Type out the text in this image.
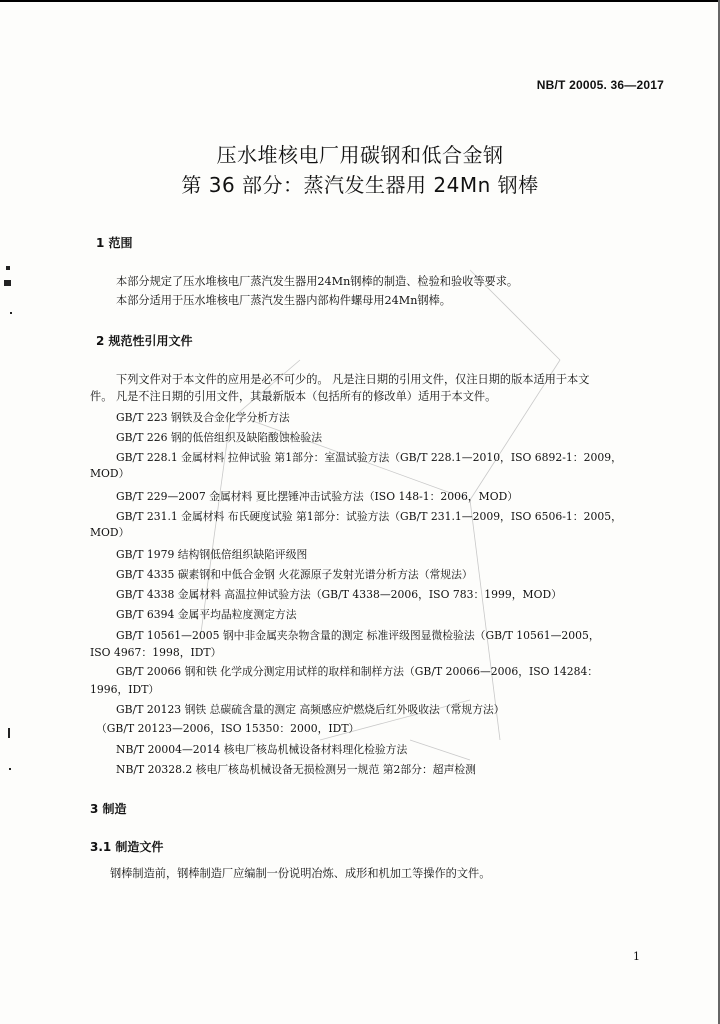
NB/T 20005. 36—2017
压水堆核电厂用碳钢和低合金钢
第 36 部分：蒸汽发生器用 24Mn 钢棒
1 范围
本部分规定了压水堆核电厂蒸汽发生器用24Mn钢棒的制造、检验和验收等要求。
本部分适用于压水堆核电厂蒸汽发生器内部构件螺母用24Mn钢棒。
2 规范性引用文件
下列文件对于本文件的应用是必不可少的。 凡是注日期的引用文件，仅注日期的版本适用于本文
件。 凡是不注日期的引用文件，其最新版本（包括所有的修改单）适用于本文件。
GB/T 223 钢铁及合金化学分析方法
GB/T 226 钢的低倍组织及缺陷酸蚀检验法
GB/T 228.1 金属材料 拉伸试验 第1部分：室温试验方法（GB/T 228.1—2010，ISO 6892-1：2009，
MOD）
GB/T 229—2007 金属材料 夏比摆锤冲击试验方法（ISO 148-1：2006，MOD）
GB/T 231.1 金属材料 布氏硬度试验 第1部分：试验方法（GB/T 231.1—2009，ISO 6506-1：2005，
MOD）
GB/T 1979 结构钢低倍组织缺陷评级图
GB/T 4335 碳素钢和中低合金钢 火花源原子发射光谱分析方法（常规法）
GB/T 4338 金属材料 高温拉伸试验方法（GB/T 4338—2006，ISO 783：1999，MOD）
GB/T 6394 金属平均晶粒度测定方法
GB/T 10561—2005 钢中非金属夹杂物含量的测定 标准评级图显微检验法（GB/T 10561—2005，
ISO 4967：1998，IDT）
GB/T 20066 钢和铁 化学成分测定用试样的取样和制样方法（GB/T 20066—2006，ISO 14284：
1996，IDT）
GB/T 20123 钢铁 总碳硫含量的测定 高频感应炉燃烧后红外吸收法（常规方法）
（GB/T 20123—2006，ISO 15350：2000，IDT）
NB/T 20004—2014 核电厂核岛机械设备材料理化检验方法
NB/T 20328.2 核电厂核岛机械设备无损检测另一规范 第2部分：超声检测
3 制造
3.1 制造文件
钢棒制造前，钢棒制造厂应编制一份说明冶炼、成形和机加工等操作的文件。
1
